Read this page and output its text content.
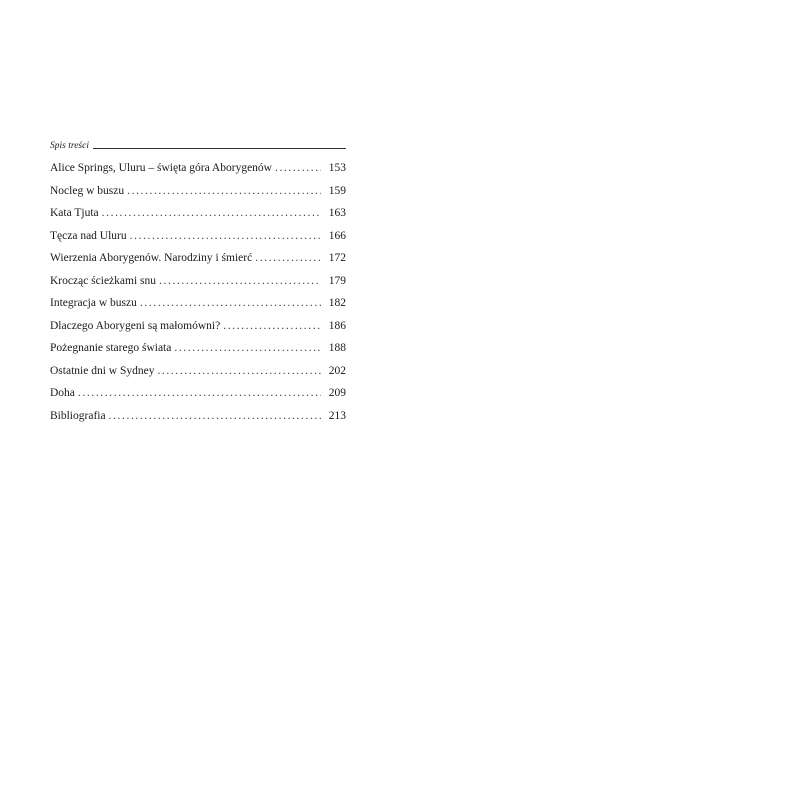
Spis treści
Alice Springs, Uluru – święta góra Aborygenów .....	153
Nocleg w buszu .....	159
Kata Tjuta .....	163
Tęcza nad Uluru .....	166
Wierzenia Aborygenów. Narodziny i śmierć .....	172
Krocząc ścieżkami snu .....	179
Integracja w buszu .....	182
Dlaczego Aborygeni są małomówni? .....	186
Pożegnanie starego świata .....	188
Ostatnie dni w Sydney .....	202
Doha .....	209
Bibliografia .....	213
